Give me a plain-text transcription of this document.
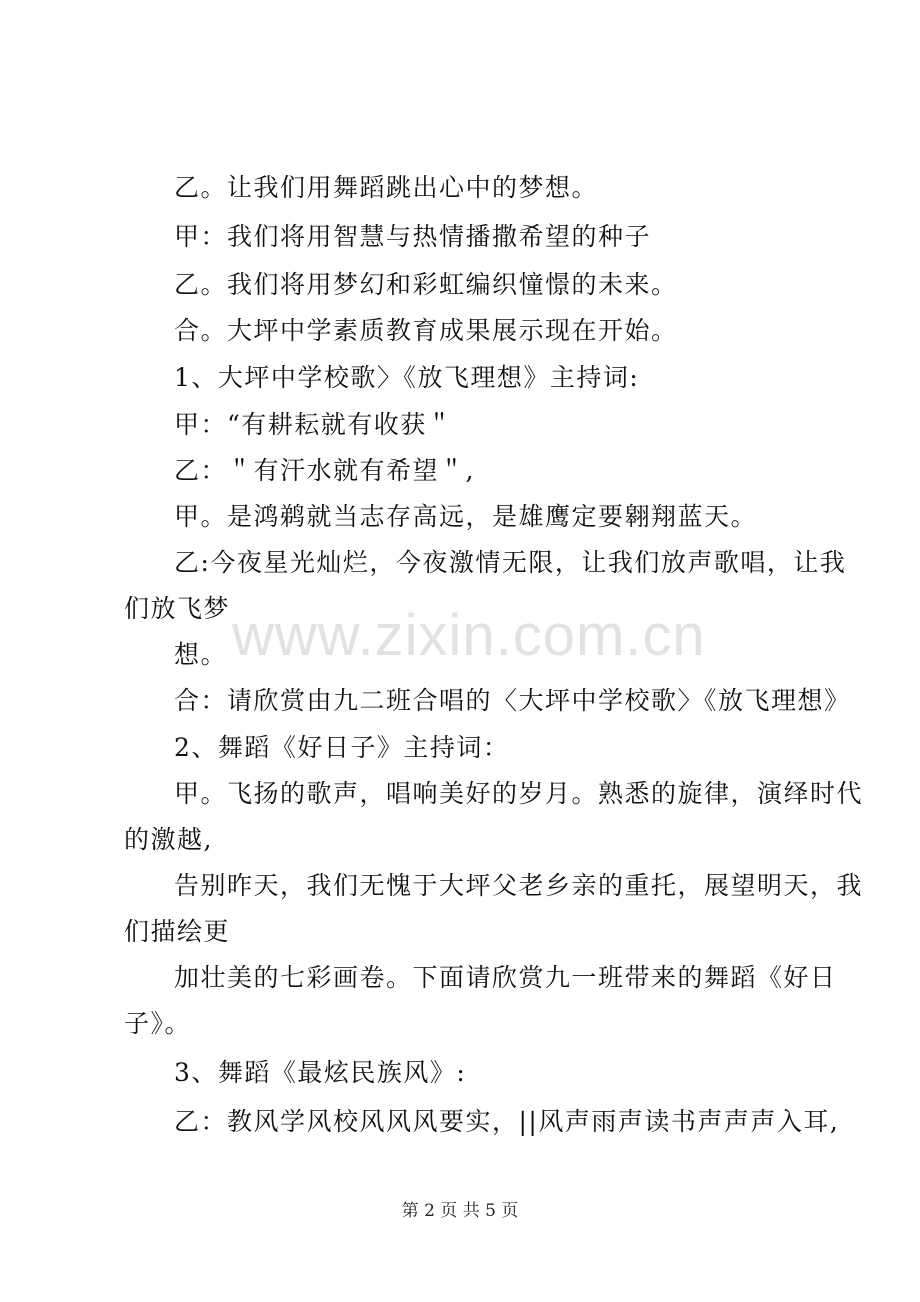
乙。让我们用舞蹈跳出心中的梦想。
甲：我们将用智慧与热情播撒希望的种子
乙。我们将用梦幻和彩虹编织憧憬的未来。
合。大坪中学素质教育成果展示现在开始。
1、大坪中学校歌〉《放飞理想》主持词:
甲：“有耕耘就有收获＂
乙：＂有汗水就有希望＂,
甲。是鸿鹈就当志存高远，是雄鹰定要翱翔蓝天。
乙:今夜星光灿烂，今夜激情无限，让我们放声歌唱，让我
们放飞梦
想。
合：请欣赏由九二班合唱的〈大坪中学校歌〉《放飞理想》
2、舞蹈《好日子》主持词：
甲。飞扬的歌声，唱响美好的岁月。熟悉的旋律，演绎时代
的激越,
告别昨天，我们无愧于大坪父老乡亲的重托，展望明天，我
们描绘更
加壮美的七彩画卷。下面请欣赏九一班带来的舞蹈《好日
子》。
3、舞蹈《最炫民族风》:
乙：教风学风校风风风要实，||风声雨声读书声声声入耳,
www.zixin.com.cn
第 2 页 共 5 页
